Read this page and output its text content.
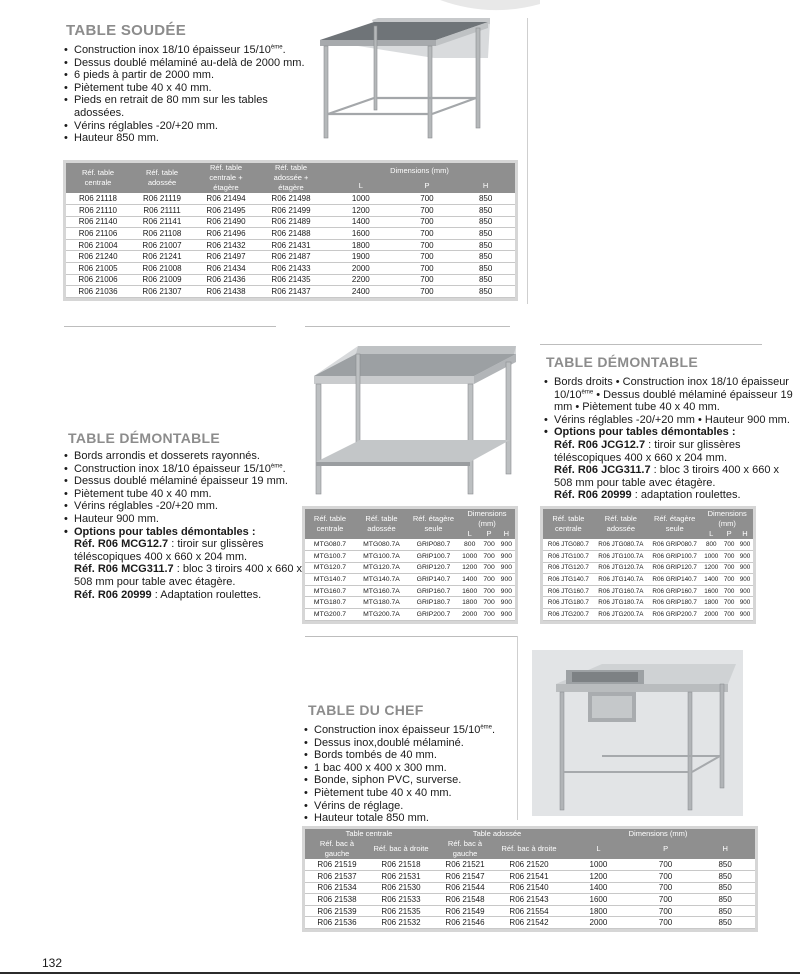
TABLE SOUDÉE
• Construction inox 18/10 épaisseur 15/10ème.
• Dessus doublé mélaminé au-delà de 2000 mm.
• 6 pieds à partir de 2000 mm.
• Piètement tube 40 x 40 mm.
• Pieds en retrait de 80 mm sur les tables adossées.
• Vérins réglables -20/+20 mm.
• Hauteur 850 mm.
Réf. table centrale	Réf. table adossée	Réf. table centrale + étagère	Réf. table adossée + étagère	Dimensions (mm)		
				L	P	H
R06 21118	R06 21119	R06 21494	R06 21498	1000	700	850
R06 21110	R06 21111	R06 21495	R06 21499	1200	700	850
R06 21140	R06 21141	R06 21490	R06 21489	1400	700	850
R06 21106	R06 21108	R06 21496	R06 21488	1600	700	850
R06 21004	R06 21007	R06 21432	R06 21431	1800	700	850
R06 21240	R06 21241	R06 21497	R06 21487	1900	700	850
R06 21005	R06 21008	R06 21434	R06 21433	2000	700	850
R06 21006	R06 21009	R06 21436	R06 21435	2200	700	850
R06 21036	R06 21307	R06 21438	R06 21437	2400	700	850
TABLE DÉMONTABLE
• Bords arrondis et dosserets rayonnés.
• Construction inox 18/10 épaisseur 15/10ème.
• Dessus doublé mélaminé épaisseur 19 mm.
• Piètement tube 40 x 40 mm.
• Vérins réglables -20/+20 mm.
• Hauteur 900 mm.
• Options pour tables démontables :
Réf. R06 MCG12.7 : tiroir sur glissères téléscopiques 400 x 660 x 204 mm.
Réf. R06 MCG311.7 : bloc 3 tiroirs 400 x 660 x 508 mm pour table avec étagère.
Réf. R06 20999 : Adaptation roulettes.
Réf. table centrale	Réf. table adossée	Réf. étagère seule	Dimensions (mm)		
			L	P	H
MTG080.7	MTG080.7A	GRIP080.7	800	700	900
MTG100.7	MTG100.7A	GRIP100.7	1000	700	900
MTG120.7	MTG120.7A	GRIP120.7	1200	700	900
MTG140.7	MTG140.7A	GRIP140.7	1400	700	900
MTG160.7	MTG160.7A	GRIP160.7	1600	700	900
MTG180.7	MTG180.7A	GRIP180.7	1800	700	900
MTG200.7	MTG200.7A	GRIP200.7	2000	700	900
TABLE DÉMONTABLE
• Bords droits • Construction inox 18/10 épaisseur 10/10ème • Dessus doublé mélaminé épaisseur 19 mm • Piètement tube 40 x 40 mm.
• Vérins réglables -20/+20 mm • Hauteur 900 mm.
• Options pour tables démontables :
Réf. R06 JCG12.7 : tiroir sur glissères téléscopiques 400 x 660 x 204 mm.
Réf. R06 JCG311.7 : bloc 3 tiroirs 400 x 660 x 508 mm pour table avec étagère.
Réf. R06 20999 : adaptation roulettes.
Réf. table centrale	Réf. table adossée	Réf. étagère seule	Dimensions (mm)		
			L	P	H
R06 JTG080.7	R06 JTG080.7A	R06 GRIP080.7	800	700	900
R06 JTG100.7	R06 JTG100.7A	R06 GRIP100.7	1000	700	900
R06 JTG120.7	R06 JTG120.7A	R06 GRIP120.7	1200	700	900
R06 JTG140.7	R06 JTG140.7A	R06 GRIP140.7	1400	700	900
R06 JTG160.7	R06 JTG160.7A	R06 GRIP160.7	1600	700	900
R06 JTG180.7	R06 JTG180.7A	R06 GRIP180.7	1800	700	900
R06 JTG200.7	R06 JTG200.7A	R06 GRIP200.7	2000	700	900
TABLE DU CHEF
• Construction inox épaisseur 15/10ème.
• Dessus inox,doublé mélaminé.
• Bords tombés de 40 mm.
• 1 bac 400 x 400 x 300 mm.
• Bonde, siphon PVC, surverse.
• Piètement tube 40 x 40 mm.
• Vérins de réglage.
• Hauteur totale 850 mm.
Table centrale		Table adossée		Dimensions (mm)		
Réf. bac à gauche	Réf. bac à droite	Réf. bac à gauche	Réf. bac à droite			
				L	P	H
R06 21519	R06 21518	R06 21521	R06 21520	1000	700	850
R06 21537	R06 21531	R06 21547	R06 21541	1200	700	850
R06 21534	R06 21530	R06 21544	R06 21540	1400	700	850
R06 21538	R06 21533	R06 21548	R06 21543	1600	700	850
R06 21539	R06 21535	R06 21549	R06 21554	1800	700	850
R06 21536	R06 21532	R06 21546	R06 21542	2000	700	850
132
